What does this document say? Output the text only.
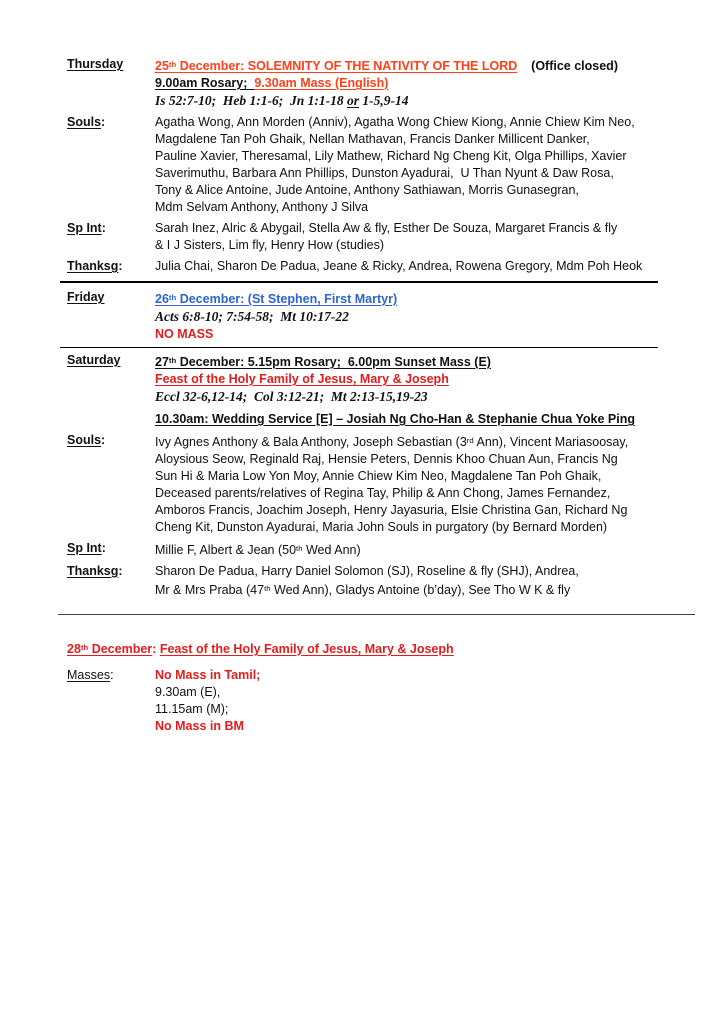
Thursday	25th December: SOLEMNITY OF THE NATIVITY OF THE LORD (Office closed)
9.00am Rosary;  9.30am Mass (English)
Is 52:7-10;  Heb 1:1-6;  Jn 1:1-18 or 1-5,9-14
Souls:	Agatha Wong, Ann Morden (Anniv), Agatha Wong Chiew Kiong, Annie Chiew Kim Neo,
Magdalene Tan Poh Ghaik, Nellan Mathavan, Francis Danker Millicent Danker,
Pauline Xavier, Theresamal, Lily Mathew, Richard Ng Cheng Kit, Olga Phillips, Xavier
Saverimuthu, Barbara Ann Phillips, Dunston Ayadurai,  U Than Nyunt & Daw Rosa,
Tony & Alice Antoine, Jude Antoine, Anthony Sathiawan, Morris Gunasegran,
Mdm Selvam Anthony, Anthony J Silva
Sp Int:	Sarah Inez, Alric & Abygail, Stella Aw & fly, Esther De Souza, Margaret Francis & fly
& I J Sisters, Lim fly, Henry How (studies)
Thanksg:	Julia Chai, Sharon De Padua, Jeane & Ricky, Andrea, Rowena Gregory, Mdm Poh Heok
Friday	26th December: (St Stephen, First Martyr)
Acts 6:8-10; 7:54-58;  Mt 10:17-22
NO MASS
Saturday	27th December: 5.15pm Rosary;  6.00pm Sunset Mass (E)
Feast of the Holy Family of Jesus, Mary & Joseph
Eccl 32-6,12-14;  Col 3:12-21;  Mt 2:13-15,19-23
10.30am: Wedding Service [E] – Josiah Ng Cho-Han & Stephanie Chua Yoke Ping
Souls:	Ivy Agnes Anthony & Bala Anthony, Joseph Sebastian (3rd Ann), Vincent Mariasoosay,
Aloysious Seow, Reginald Raj, Hensie Peters, Dennis Khoo Chuan Aun, Francis Ng
Sun Hi & Maria Low Yon Moy, Annie Chiew Kim Neo, Magdalene Tan Poh Ghaik,
Deceased parents/relatives of Regina Tay, Philip & Ann Chong, James Fernandez,
Amboros Francis, Joachim Joseph, Henry Jayasuria, Elsie Christina Gan, Richard Ng
Cheng Kit, Dunston Ayadurai, Maria John Souls in purgatory (by Bernard Morden)
Sp Int:	Millie F, Albert & Jean (50th Wed Ann)
Thanksg:	Sharon De Padua, Harry Daniel Solomon (SJ), Roseline & fly (SHJ), Andrea,
Mr & Mrs Praba (47th Wed Ann), Gladys Antoine (b’day), See Tho W K & fly
28th December: Feast of the Holy Family of Jesus, Mary & Joseph
Masses:	No Mass in Tamil;
9.30am (E),
11.15am (M);
No Mass in BM
